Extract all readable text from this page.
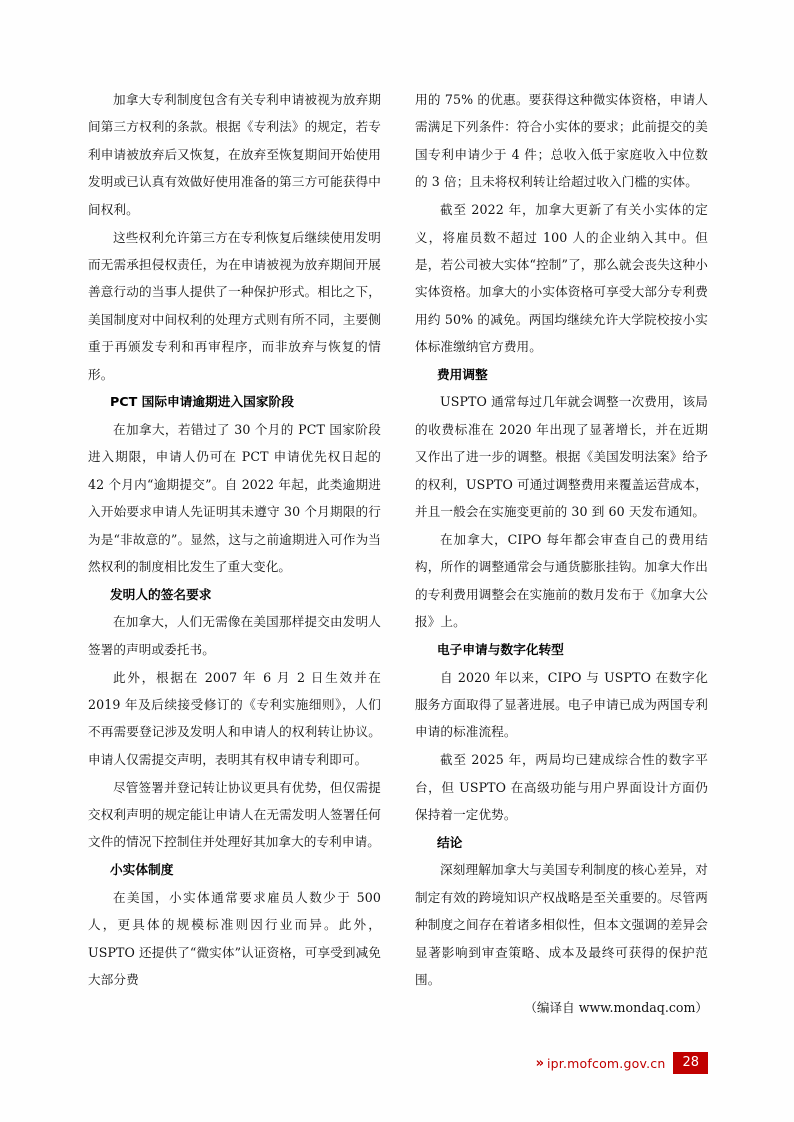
加拿大专利制度包含有关专利申请被视为放弃期间第三方权利的条款。根据《专利法》的规定，若专利申请被放弃后又恢复，在放弃至恢复期间开始使用发明或已认真有效做好使用准备的第三方可能获得中间权利。

这些权利允许第三方在专利恢复后继续使用发明而无需承担侵权责任，为在申请被视为放弃期间开展善意行动的当事人提供了一种保护形式。相比之下，美国制度对中间权利的处理方式则有所不同，主要侧重于再颁发专利和再审程序，而非放弃与恢复的情形。

PCT 国际申请逾期进入国家阶段

在加拿大，若错过了 30 个月的 PCT 国家阶段进入期限，申请人仍可在 PCT 申请优先权日起的 42 个月内“逾期提交”。自 2022 年起，此类逾期进入开始要求申请人先证明其未遵守 30 个月期限的行为是“非故意的”。显然，这与之前逾期进入可作为当然权利的制度相比发生了重大变化。

发明人的签名要求

在加拿大，人们无需像在美国那样提交由发明人签署的声明或委托书。

此外，根据在 2007 年 6 月 2 日生效并在 2019 年及后续接受修订的《专利实施细则》，人们不再需要登记涉及发明人和申请人的权利转让协议。申请人仅需提交声明，表明其有权申请专利即可。

尽管签署并登记转让协议更具有优势，但仅需提交权利声明的规定能让申请人在无需发明人签署任何文件的情况下控制住并处理好其加拿大的专利申请。

小实体制度

在美国，小实体通常要求雇员人数少于 500 人，更具体的规模标准则因行业而异。此外，USPTO 还提供了“微实体”认证资格，可享受到减免大部分费

用的 75% 的优惠。要获得这种微实体资格，申请人需满足下列条件：符合小实体的要求；此前提交的美国专利申请少于 4 件；总收入低于家庭收入中位数的 3 倍；且未将权利转让给超过收入门槛的实体。

截至 2022 年，加拿大更新了有关小实体的定义，将雇员数不超过 100 人的企业纳入其中。但是，若公司被大实体“控制”了，那么就会丧失这种小实体资格。加拿大的小实体资格可享受大部分专利费用约 50% 的减免。两国均继续允许大学院校按小实体标准缴纳官方费用。

费用调整

USPTO 通常每过几年就会调整一次费用，该局的收费标准在 2020 年出现了显著增长，并在近期又作出了进一步的调整。根据《美国发明法案》给予的权利，USPTO 可通过调整费用来覆盖运营成本，并且一般会在实施变更前的 30 到 60 天发布通知。

在加拿大，CIPO 每年都会审查自己的费用结构，所作的调整通常会与通货膨胀挂钩。加拿大作出的专利费用调整会在实施前的数月发布于《加拿大公报》上。

电子申请与数字化转型

自 2020 年以来，CIPO 与 USPTO 在数字化服务方面取得了显著进展。电子申请已成为两国专利申请的标准流程。

截至 2025 年，两局均已建成综合性的数字平台，但 USPTO 在高级功能与用户界面设计方面仍保持着一定优势。

结论

深刻理解加拿大与美国专利制度的核心差异，对制定有效的跨境知识产权战略是至关重要的。尽管两种制度之间存在着诸多相似性，但本文强调的差异会显著影响到审查策略、成本及最终可获得的保护范围。

（编译自 www.mondaq.com）

» ipr.mofcom.gov.cn	28
